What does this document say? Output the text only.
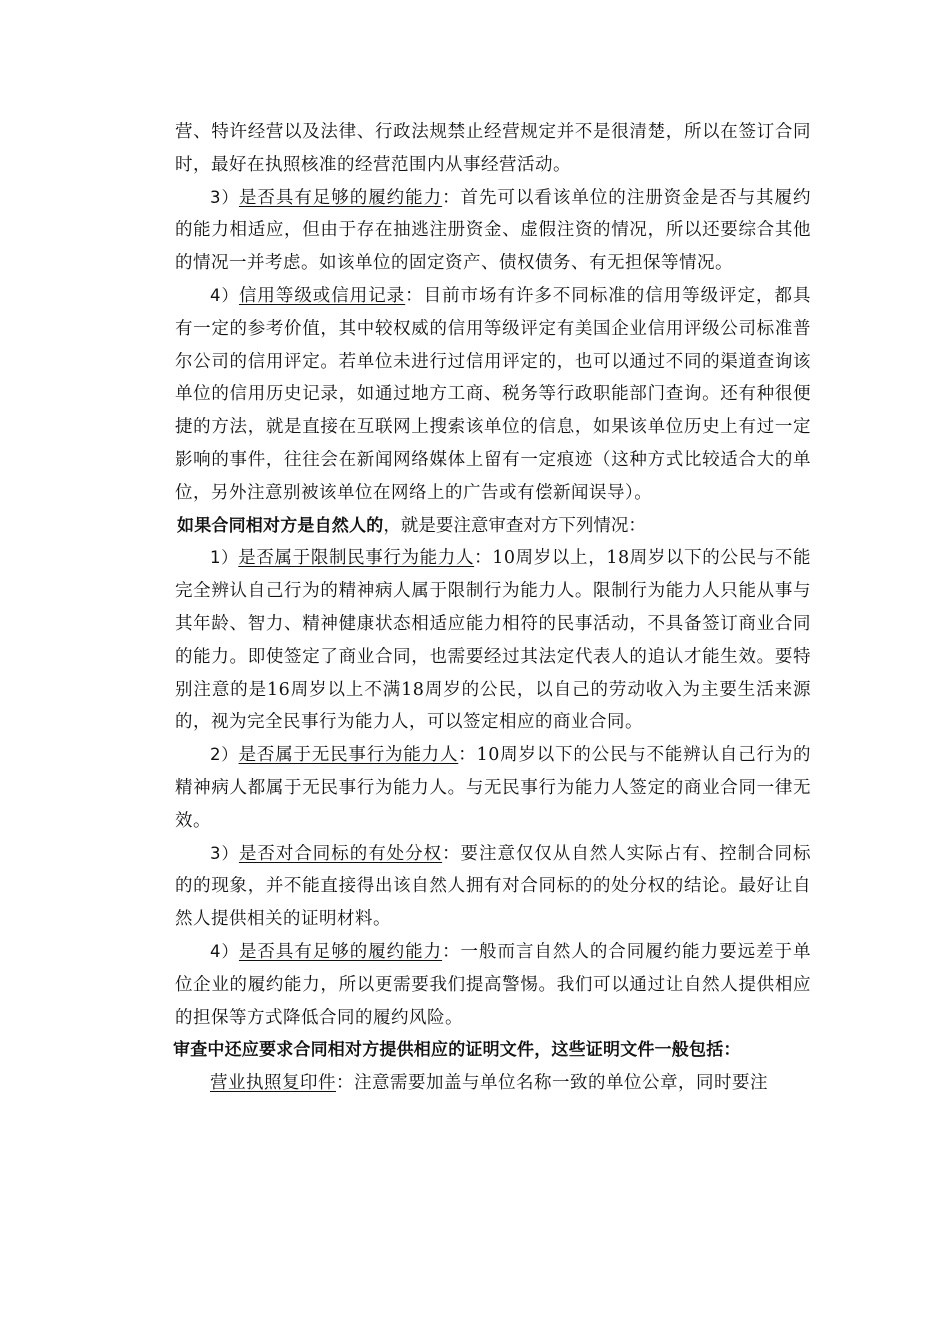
营、特许经营以及法律、行政法规禁止经营规定并不是很清楚，所以在签订合同时，最好在执照核准的经营范围内从事经营活动。

3）是否具有足够的履约能力：首先可以看该单位的注册资金是否与其履约的能力相适应，但由于存在抽逃注册资金、虚假注资的情况，所以还要综合其他的情况一并考虑。如该单位的固定资产、债权债务、有无担保等情况。

4）信用等级或信用记录：目前市场有许多不同标准的信用等级评定，都具有一定的参考价值，其中较权威的信用等级评定有美国企业信用评级公司标准普尔公司的信用评定。若单位未进行过信用评定的，也可以通过不同的渠道查询该单位的信用历史记录，如通过地方工商、税务等行政职能部门查询。还有种很便捷的方法，就是直接在互联网上搜索该单位的信息，如果该单位历史上有过一定影响的事件，往往会在新闻网络媒体上留有一定痕迹（这种方式比较适合大的单位，另外注意别被该单位在网络上的广告或有偿新闻误导）。

如果合同相对方是自然人的，就是要注意审查对方下列情况：

1）是否属于限制民事行为能力人：10周岁以上，18周岁以下的公民与不能完全辨认自己行为的精神病人属于限制行为能力人。限制行为能力人只能从事与其年龄、智力、精神健康状态相适应能力相符的民事活动，不具备签订商业合同的能力。即使签定了商业合同，也需要经过其法定代表人的追认才能生效。要特别注意的是16周岁以上不满18周岁的公民，以自己的劳动收入为主要生活来源的，视为完全民事行为能力人，可以签定相应的商业合同。

2）是否属于无民事行为能力人：10周岁以下的公民与不能辨认自己行为的精神病人都属于无民事行为能力人。与无民事行为能力人签定的商业合同一律无效。

3）是否对合同标的有处分权：要注意仅仅从自然人实际占有、控制合同标的的现象，并不能直接得出该自然人拥有对合同标的的处分权的结论。最好让自然人提供相关的证明材料。

4）是否具有足够的履约能力：一般而言自然人的合同履约能力要远差于单位企业的履约能力，所以更需要我们提高警惕。我们可以通过让自然人提供相应的担保等方式降低合同的履约风险。

审查中还应要求合同相对方提供相应的证明文件，这些证明文件一般包括：

营业执照复印件：注意需要加盖与单位名称一致的单位公章，同时要注
